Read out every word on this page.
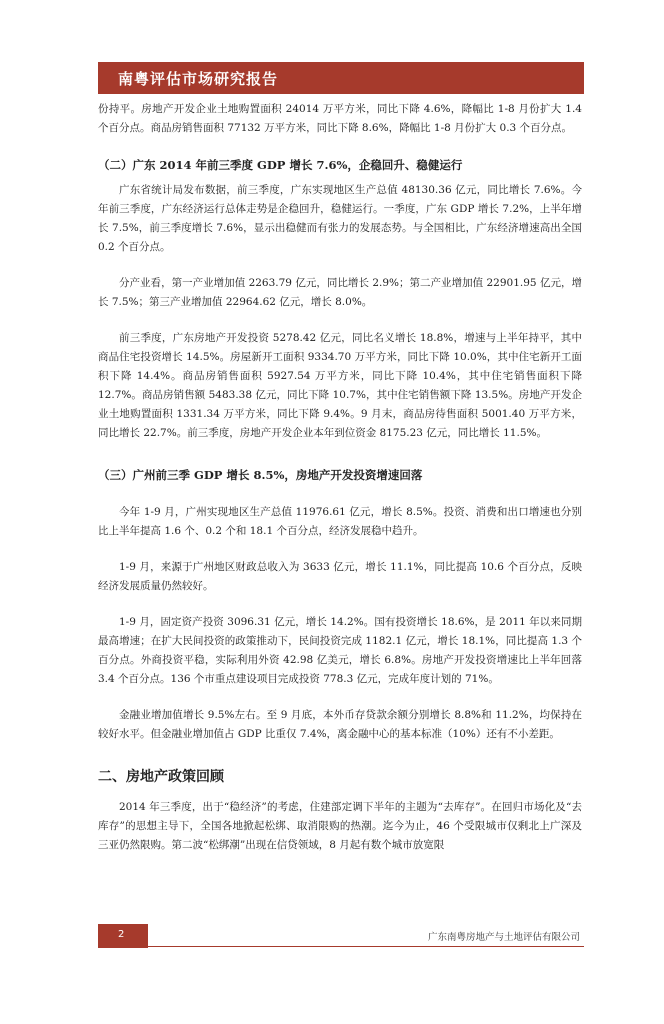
南粤评估市场研究报告

份持平。房地产开发企业土地购置面积 24014 万平方米，同比下降 4.6%，降幅比 1-8 月份扩大 1.4 个百分点。商品房销售面积 77132 万平方米，同比下降 8.6%，降幅比 1-8 月份扩大 0.3 个百分点。

（二）广东 2014 年前三季度 GDP 增长 7.6%，企稳回升、稳健运行

广东省统计局发布数据，前三季度，广东实现地区生产总值 48130.36 亿元，同比增长 7.6%。今年前三季度，广东经济运行总体走势是企稳回升，稳健运行。一季度，广东 GDP 增长 7.2%，上半年增长 7.5%，前三季度增长 7.6%，显示出稳健而有张力的发展态势。与全国相比，广东经济增速高出全国 0.2 个百分点。

分产业看，第一产业增加值 2263.79 亿元，同比增长 2.9%；第二产业增加值 22901.95 亿元，增长 7.5%；第三产业增加值 22964.62 亿元，增长 8.0%。

前三季度，广东房地产开发投资 5278.42 亿元，同比名义增长 18.8%，增速与上半年持平，其中商品住宅投资增长 14.5%。房屋新开工面积 9334.70 万平方米，同比下降 10.0%，其中住宅新开工面积下降 14.4%。商品房销售面积 5927.54 万平方米，同比下降 10.4%，其中住宅销售面积下降 12.7%。商品房销售额 5483.38 亿元，同比下降 10.7%，其中住宅销售额下降 13.5%。房地产开发企业土地购置面积 1331.34 万平方米，同比下降 9.4%。9 月末，商品房待售面积 5001.40 万平方米，同比增长 22.7%。前三季度，房地产开发企业本年到位资金 8175.23 亿元，同比增长 11.5%。

（三）广州前三季 GDP 增长 8.5%，房地产开发投资增速回落

今年 1-9 月，广州实现地区生产总值 11976.61 亿元，增长 8.5%。投资、消费和出口增速也分别比上半年提高 1.6 个、0.2 个和 18.1 个百分点，经济发展稳中趋升。

1-9 月，来源于广州地区财政总收入为 3633 亿元，增长 11.1%，同比提高 10.6 个百分点，反映经济发展质量仍然较好。

1-9 月，固定资产投资 3096.31 亿元，增长 14.2%。国有投资增长 18.6%，是 2011 年以来同期最高增速；在扩大民间投资的政策推动下，民间投资完成 1182.1 亿元，增长 18.1%，同比提高 1.3 个百分点。外商投资平稳，实际利用外资 42.98 亿美元，增长 6.8%。房地产开发投资增速比上半年回落 3.4 个百分点。136 个市重点建设项目完成投资 778.3 亿元，完成年度计划的 71%。

金融业增加值增长 9.5%左右。至 9 月底，本外币存贷款余额分别增长 8.8%和 11.2%，均保持在较好水平。但金融业增加值占 GDP 比重仅 7.4%，离金融中心的基本标准（10%）还有不小差距。

二、房地产政策回顾

2014 年三季度，出于“稳经济”的考虑，住建部定调下半年的主题为“去库存”。在回归市场化及“去库存”的思想主导下，全国各地掀起松绑、取消限购的热潮。迄今为止，46 个受限城市仅剩北上广深及三亚仍然限购。第二波“松绑潮”出现在信贷领域，8 月起有数个城市放宽限

2	广东南粤房地产与土地评估有限公司
